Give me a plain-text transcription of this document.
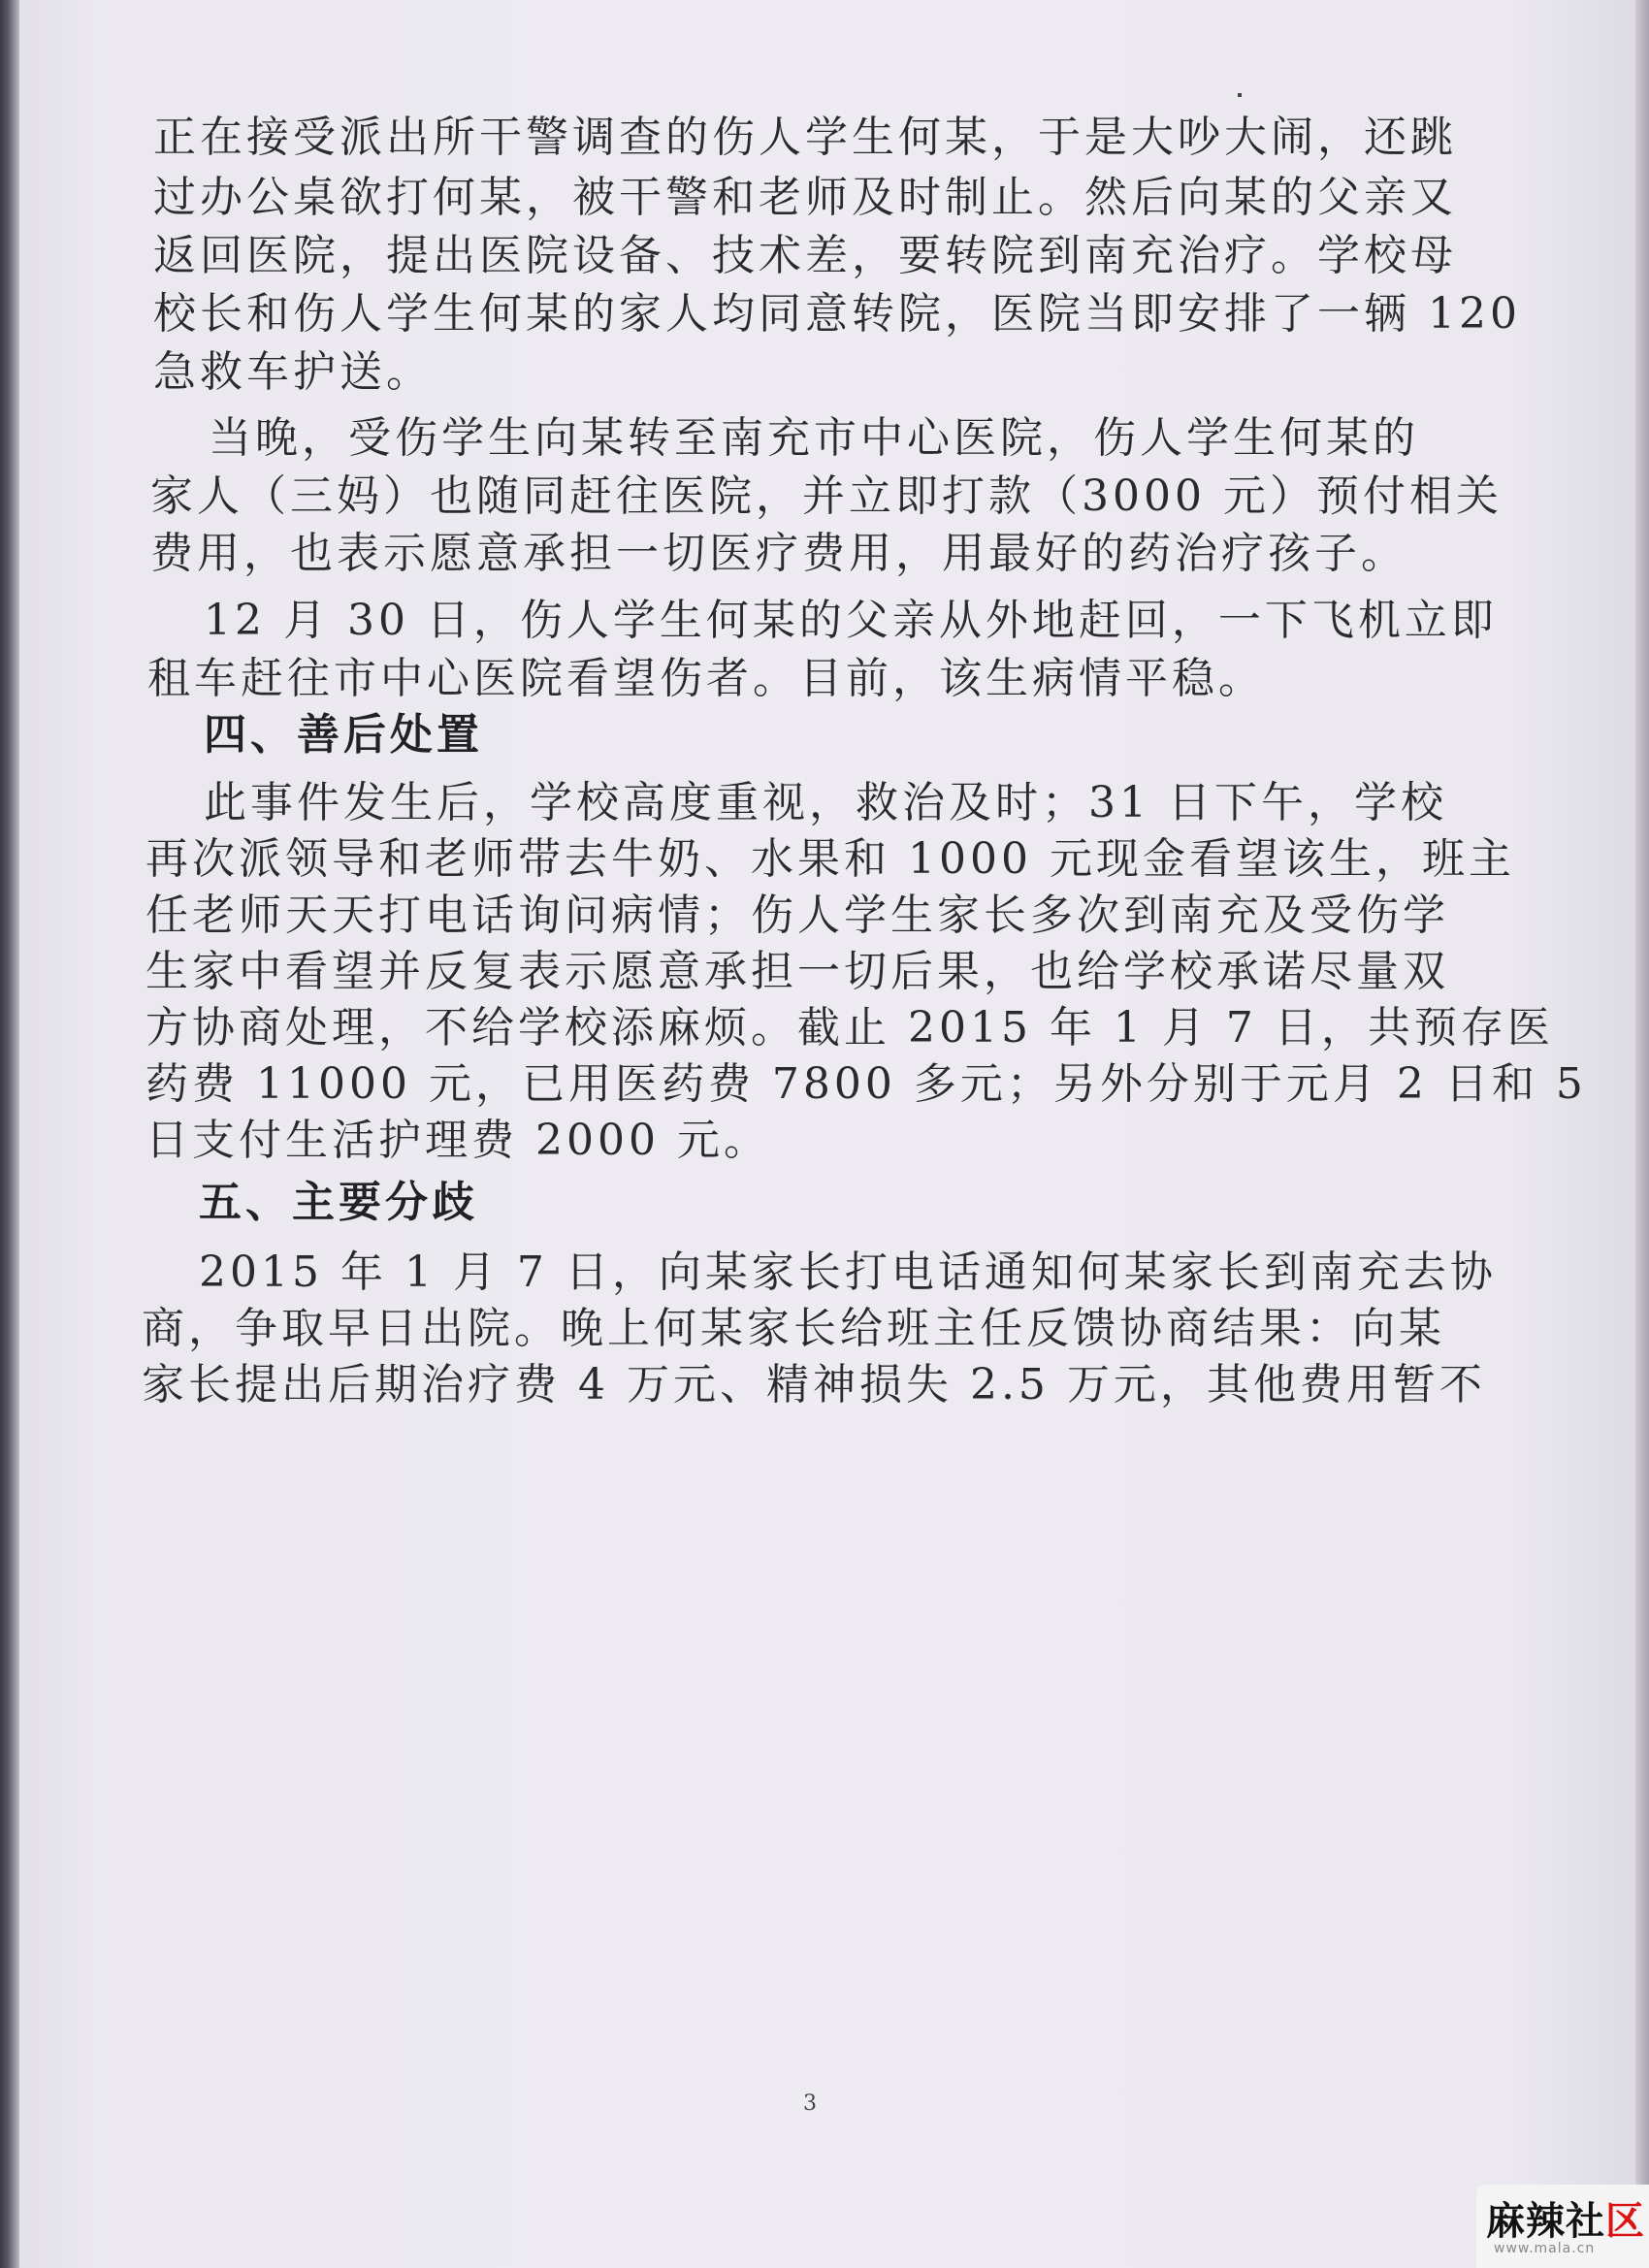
正在接受派出所干警调查的伤人学生何某，于是大吵大闹，还跳

过办公桌欲打何某，被干警和老师及时制止。然后向某的父亲又

返回医院，提出医院设备、技术差，要转院到南充治疗。学校母

校长和伤人学生何某的家人均同意转院，医院当即安排了一辆 120

急救车护送。

当晚，受伤学生向某转至南充市中心医院，伤人学生何某的

家人（三妈）也随同赶往医院，并立即打款（3000 元）预付相关

费用，也表示愿意承担一切医疗费用，用最好的药治疗孩子。

12 月 30 日，伤人学生何某的父亲从外地赶回，一下飞机立即

租车赶往市中心医院看望伤者。目前，该生病情平稳。

四、善后处置

此事件发生后，学校高度重视，救治及时；31 日下午，学校

再次派领导和老师带去牛奶、水果和 1000 元现金看望该生，班主

任老师天天打电话询问病情；伤人学生家长多次到南充及受伤学

生家中看望并反复表示愿意承担一切后果，也给学校承诺尽量双

方协商处理，不给学校添麻烦。截止 2015 年 1 月 7 日，共预存医

药费 11000 元，已用医药费 7800 多元；另外分别于元月 2 日和 5

日支付生活护理费 2000 元。

五、主要分歧

2015 年 1 月 7 日，向某家长打电话通知何某家长到南充去协

商，争取早日出院。晚上何某家长给班主任反馈协商结果：向某

家长提出后期治疗费 4 万元、精神损失 2.5 万元，其他费用暂不

3
麻辣社区
www.mala.cn
